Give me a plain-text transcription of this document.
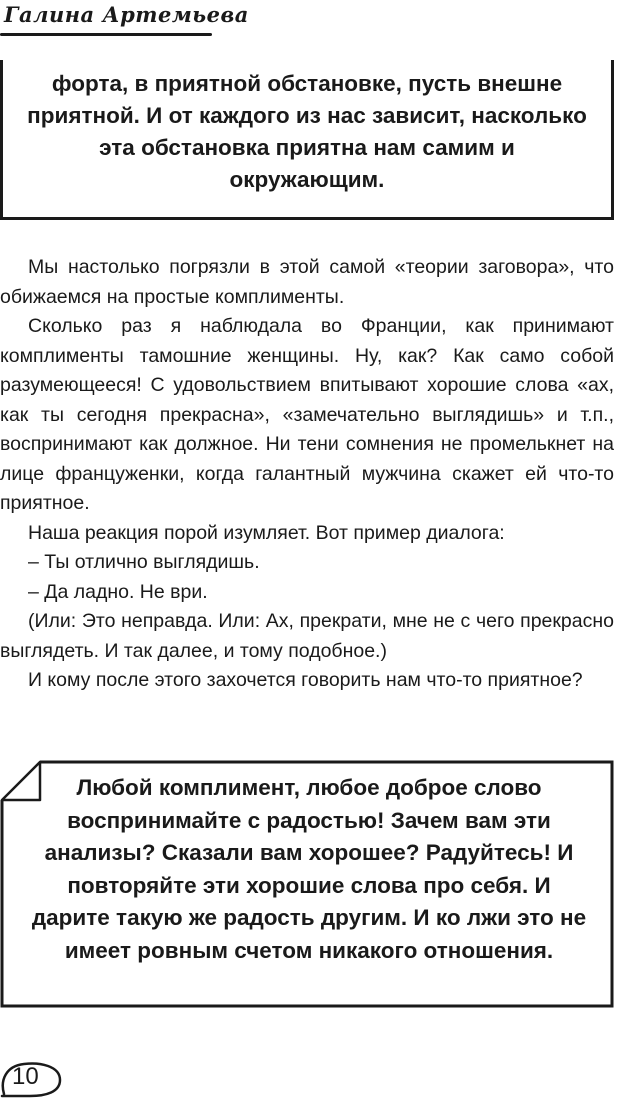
Галина Артемьева

форта, в приятной обстановке, пусть внешне приятной. И от каждого из нас зависит, насколько эта обстановка приятна нам самим и окружающим.

Мы настолько погрязли в этой самой «теории заговора», что обижаемся на простые комплименты.

Сколько раз я наблюдала во Франции, как принимают комплименты тамошние женщины. Ну, как? Как само собой разумеющееся! С удовольствием впитывают хорошие слова «ах, как ты сегодня прекрасна», «замечательно выглядишь» и т.п., воспринимают как должное. Ни тени сомнения не промелькнет на лице француженки, когда галантный мужчина скажет ей что-то приятное.

Наша реакция порой изумляет. Вот пример диалога:

– Ты отлично выглядишь.

– Да ладно. Не ври.

(Или: Это неправда. Или: Ах, прекрати, мне не с чего прекрасно выглядеть. И так далее, и тому подобное.)

И кому после этого захочется говорить нам что-то приятное?

Любой комплимент, любое доброе слово воспринимайте с радостью! Зачем вам эти анализы? Сказали вам хорошее? Радуйтесь! И повторяйте эти хорошие слова про себя. И дарите такую же радость другим. И ко лжи это не имеет ровным счетом никакого отношения.

10
